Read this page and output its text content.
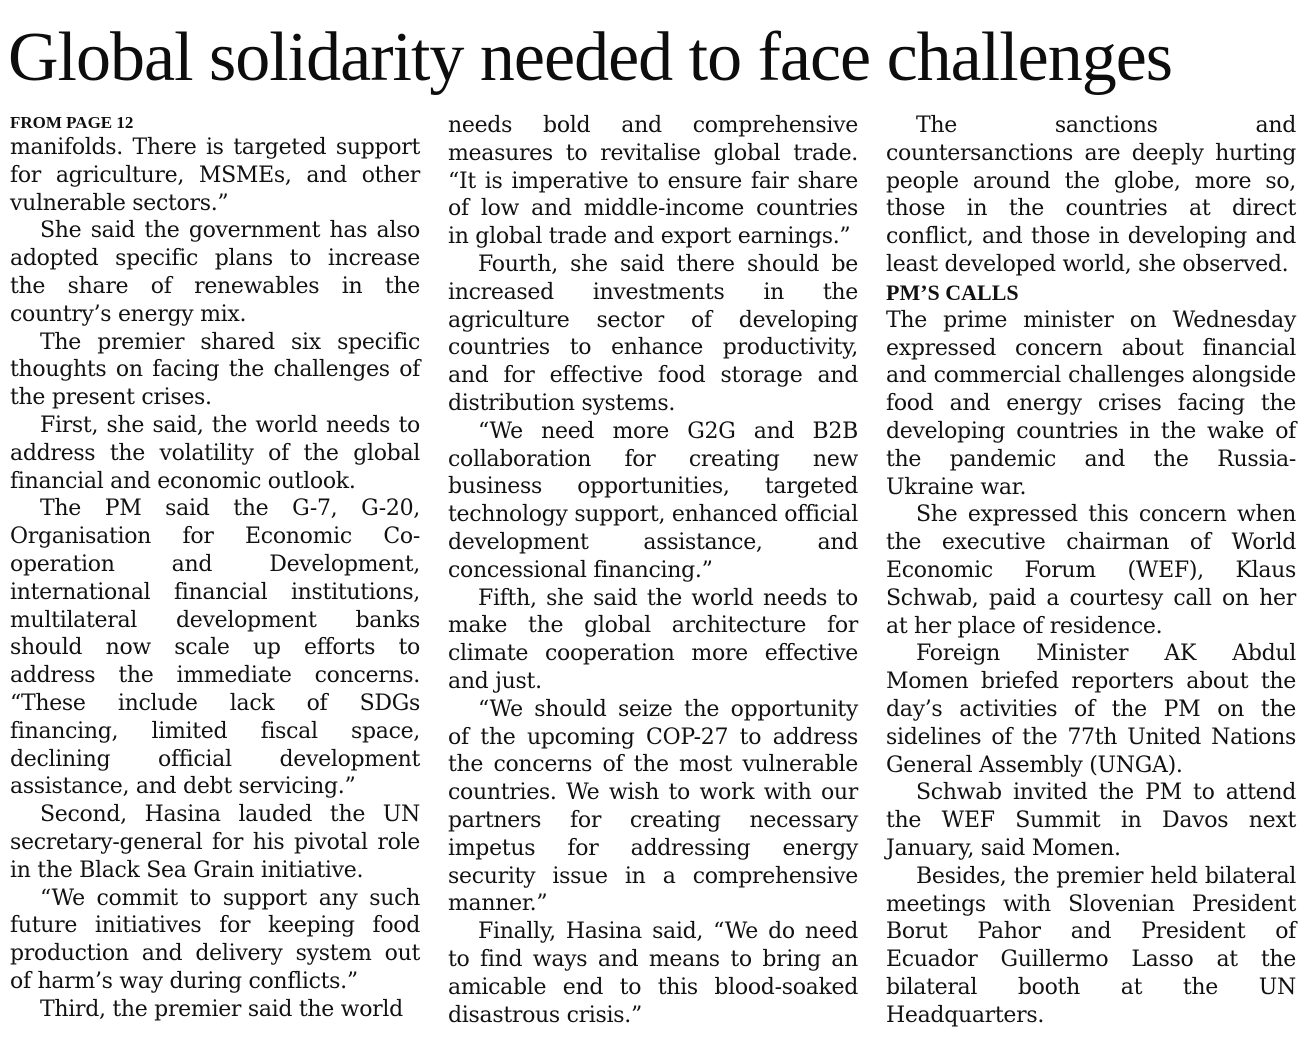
Global solidarity needed to face challenges
FROM PAGE 12

manifolds. There is targeted support for agriculture, MSMEs, and other vulnerable sectors.”

She said the government has also adopted specific plans to increase the share of renewables in the country’s energy mix.

The premier shared six specific thoughts on facing the challenges of the present crises.

First, she said, the world needs to address the volatility of the global financial and economic outlook.

The PM said the G-7, G-20, Organisation for Economic Co-operation and Development, international financial institutions, multilateral development banks should now scale up efforts to address the immediate concerns. “These include lack of SDGs financing, limited fiscal space, declining official development assistance, and debt servicing.”

Second, Hasina lauded the UN secretary-general for his pivotal role in the Black Sea Grain initiative.

“We commit to support any such future initiatives for keeping food production and delivery system out of harm’s way during conflicts.”

Third, the premier said the world

needs bold and comprehensive measures to revitalise global trade. “It is imperative to ensure fair share of low and middle-income countries in global trade and export earnings.”

Fourth, she said there should be increased investments in the agriculture sector of developing countries to enhance productivity, and for effective food storage and distribution systems.

“We need more G2G and B2B collaboration for creating new business opportunities, targeted technology support, enhanced official development assistance, and concessional financing.”

Fifth, she said the world needs to make the global architecture for climate cooperation more effective and just.

“We should seize the opportunity of the upcoming COP-27 to address the concerns of the most vulnerable countries. We wish to work with our partners for creating necessary impetus for addressing energy security issue in a comprehensive manner.”

Finally, Hasina said, “We do need to find ways and means to bring an amicable end to this blood-soaked disastrous crisis.”

The sanctions and countersanctions are deeply hurting people around the globe, more so, those in the countries at direct conflict, and those in developing and least developed world, she observed.

PM’S CALLS

The prime minister on Wednesday expressed concern about financial and commercial challenges alongside food and energy crises facing the developing countries in the wake of the pandemic and the Russia-Ukraine war.

She expressed this concern when the executive chairman of World Economic Forum (WEF), Klaus Schwab, paid a courtesy call on her at her place of residence.

Foreign Minister AK Abdul Momen briefed reporters about the day’s activities of the PM on the sidelines of the 77th United Nations General Assembly (UNGA).

Schwab invited the PM to attend the WEF Summit in Davos next January, said Momen.

Besides, the premier held bilateral meetings with Slovenian President Borut Pahor and President of Ecuador Guillermo Lasso at the bilateral booth at the UN Headquarters.
